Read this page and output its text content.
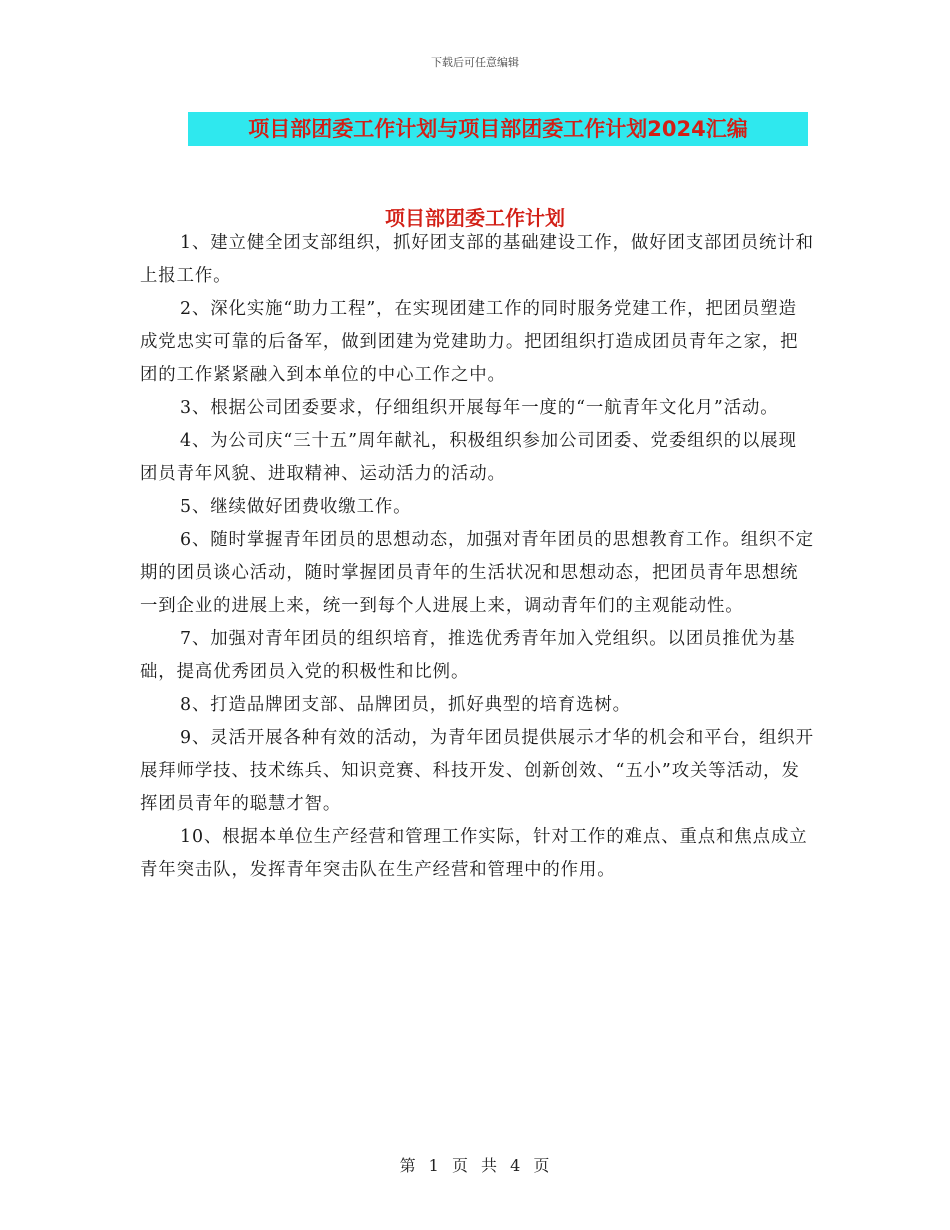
下载后可任意编辑
项目部团委工作计划与项目部团委工作计划2024汇编
项目部团委工作计划

1、建立健全团支部组织，抓好团支部的基础建设工作，做好团支部团员统计和上报工作。

2、深化实施“助力工程”，在实现团建工作的同时服务党建工作，把团员塑造成党忠实可靠的后备军，做到团建为党建助力。把团组织打造成团员青年之家，把团的工作紧紧融入到本单位的中心工作之中。

3、根据公司团委要求，仔细组织开展每年一度的“一航青年文化月”活动。

4、为公司庆“三十五”周年献礼，积极组织参加公司团委、党委组织的以展现团员青年风貌、进取精神、运动活力的活动。

5、继续做好团费收缴工作。

6、随时掌握青年团员的思想动态，加强对青年团员的思想教育工作。组织不定期的团员谈心活动，随时掌握团员青年的生活状况和思想动态，把团员青年思想统一到企业的进展上来，统一到每个人进展上来，调动青年们的主观能动性。

7、加强对青年团员的组织培育，推选优秀青年加入党组织。以团员推优为基础，提高优秀团员入党的积极性和比例。

8、打造品牌团支部、品牌团员，抓好典型的培育选树。

9、灵活开展各种有效的活动，为青年团员提供展示才华的机会和平台，组织开展拜师学技、技术练兵、知识竞赛、科技开发、创新创效、“五小”攻关等活动，发挥团员青年的聪慧才智。

10、根据本单位生产经营和管理工作实际，针对工作的难点、重点和焦点成立青年突击队，发挥青年突击队在生产经营和管理中的作用。

第 1 页 共 4 页
